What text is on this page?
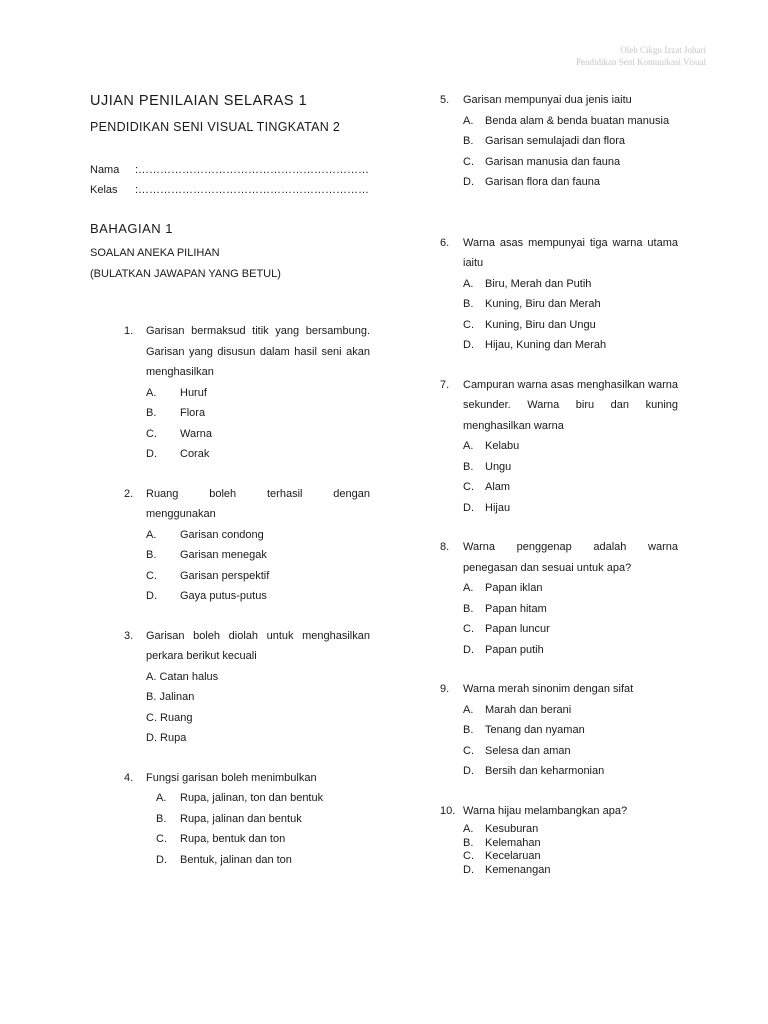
Oleh Cikgu Izzat Johari
Pendidikan Seni Komunikasi Visual
UJIAN PENILAIAN SELARAS 1
PENDIDIKAN SENI VISUAL TINGKATAN 2
Nama	:………………………………………………………
Kelas	:………………………………………………………
BAHAGIAN 1
SOALAN ANEKA PILIHAN
(BULATKAN JAWAPAN YANG BETUL)
1.	Garisan bermaksud titik yang bersambung. Garisan yang disusun dalam hasil seni akan menghasilkan
A.	Huruf
B.	Flora
C.	Warna
D.	Corak
2.	Ruang boleh terhasil dengan
menggunakan
A.	Garisan condong
B.	Garisan menegak
C.	Garisan perspektif
D.	Gaya putus-putus
3.	Garisan boleh diolah untuk menghasilkan perkara berikut kecuali
A. Catan halus
B. Jalinan
C. Ruang
D. Rupa
4.	Fungsi garisan boleh menimbulkan
A.	Rupa, jalinan, ton dan bentuk
B.	Rupa, jalinan dan bentuk
C.	Rupa, bentuk dan ton
D.	Bentuk, jalinan dan ton
5.	Garisan mempunyai dua jenis iaitu
A.	Benda alam & benda buatan manusia
B.	Garisan semulajadi dan flora
C.	Garisan manusia dan fauna
D.	Garisan flora dan fauna
6.	Warna asas mempunyai tiga warna utama iaitu
A.	Biru, Merah dan Putih
B.	Kuning, Biru dan Merah
C.	Kuning, Biru dan Ungu
D.	Hijau, Kuning dan Merah
7.	Campuran warna asas menghasilkan warna sekunder. Warna biru dan kuning menghasilkan warna
A.	Kelabu
B.	Ungu
C.	Alam
D.	Hijau
8.	Warna penggenap adalah warna penegasan dan sesuai untuk apa?
A.	Papan iklan
B.	Papan hitam
C.	Papan luncur
D.	Papan putih
9.	Warna merah sinonim dengan sifat
A.	Marah dan berani
B.	Tenang dan nyaman
C.	Selesa dan aman
D.	Bersih dan keharmonian
10. Warna hijau melambangkan apa?
A.	Kesuburan
B.	Kelemahan
C.	Kecelaruan
D.	Kemenangan
